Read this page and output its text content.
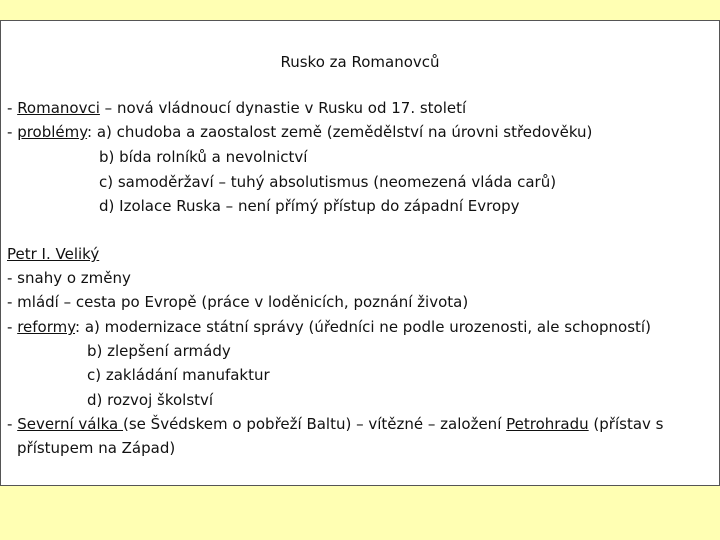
Rusko za Romanovců
- Romanovci – nová vládnoucí dynastie v Rusku od 17. století
- problémy: a) chudoba a zaostalost země (zemědělství na úrovni středověku)
b) bída rolníků a nevolnictví
c) samoděržaví – tuhý absolutismus (neomezená vláda carů)
d) Izolace Ruska – není přímý přístup do západní Evropy
Petr I. Veliký
- snahy o změny
- mládí – cesta po Evropě (práce v loděnicích, poznání života)
- reformy: a) modernizace státní správy (úředníci ne podle urozenosti, ale schopností)
b) zlepšení armády
c) zakládání manufaktur
d) rozvoj školství
- Severní válka (se Švédskem o pobřeží Baltu) – vítězné – založení Petrohradu (přístav s
přístupem na Západ)
